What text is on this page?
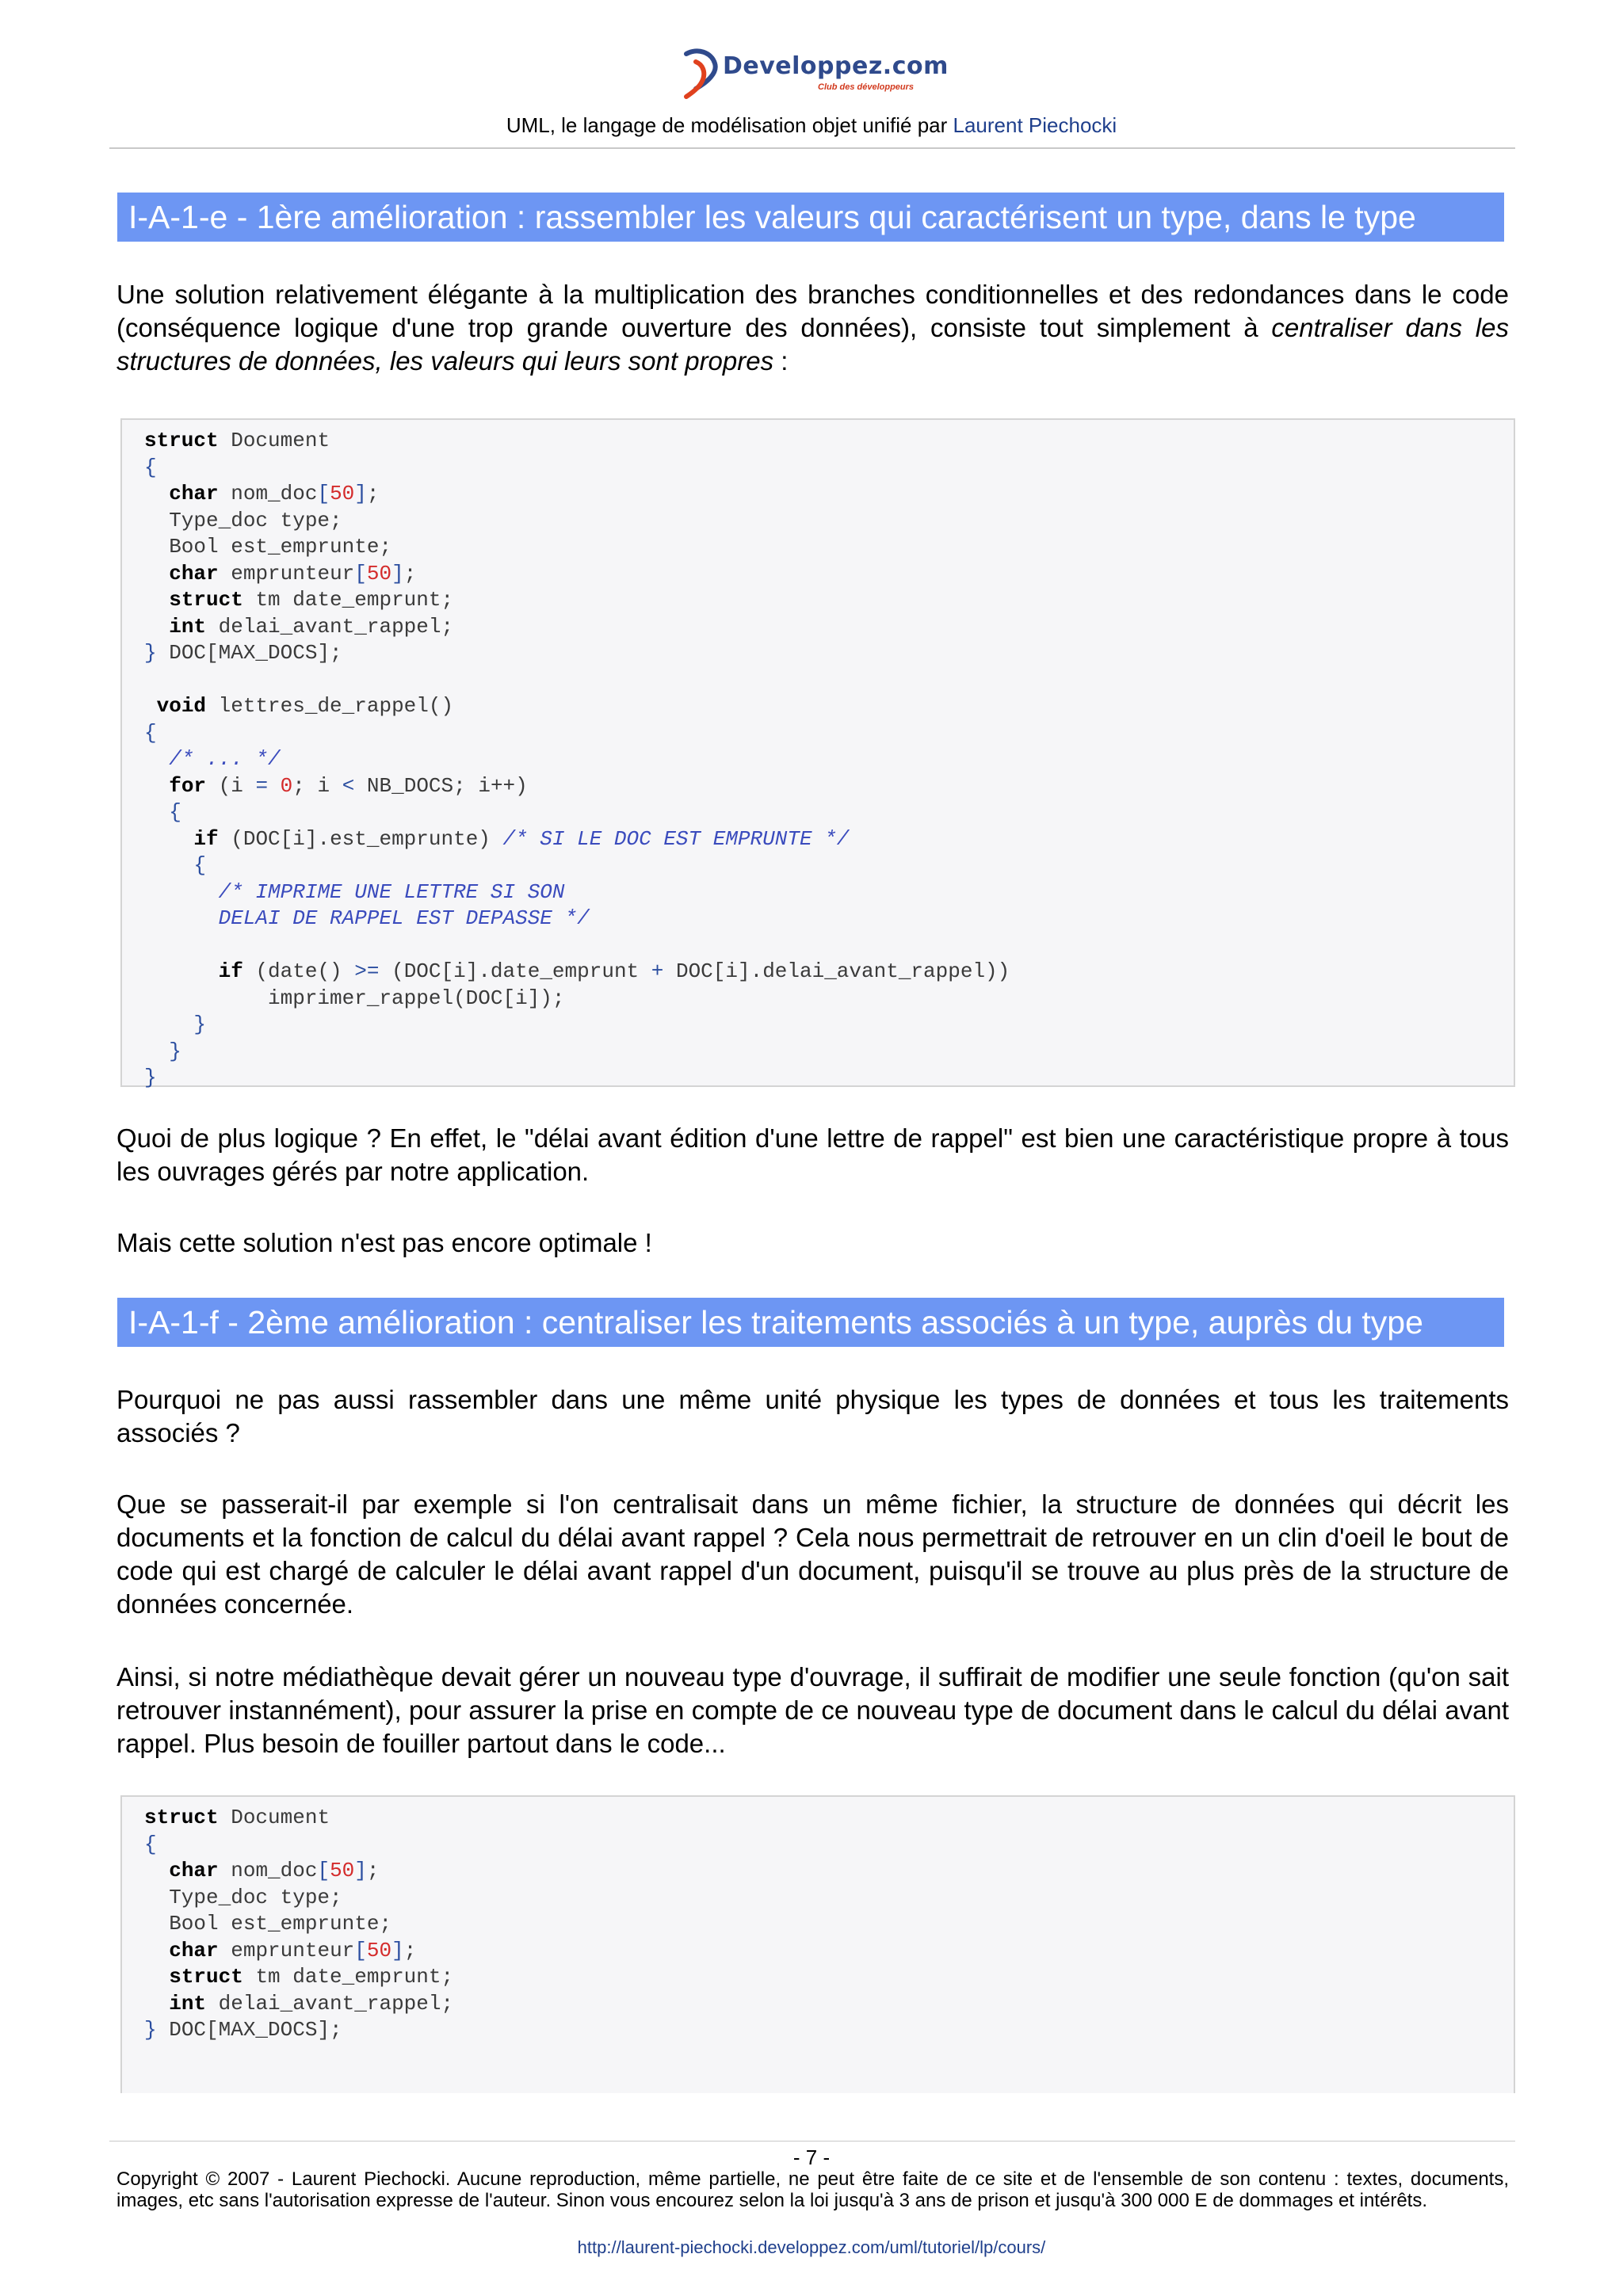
Developpez.com
Club des développeurs
UML, le langage de modélisation objet unifié par Laurent Piechocki
I-A-1-e - 1ère amélioration : rassembler les valeurs qui caractérisent un type, dans le type

Une solution relativement élégante à la multiplication des branches conditionnelles et des redondances dans le code (conséquence logique d'une trop grande ouverture des données), consiste tout simplement à centraliser dans les structures de données, les valeurs qui leurs sont propres :

struct Document
{
char nom_doc[50];
Type_doc type;
Bool est_emprunte;
char emprunteur[50];
struct tm date_emprunt;
int delai_avant_rappel;
} DOC[MAX_DOCS];

void lettres_de_rappel()
{
/* ... */
for (i = 0; i < NB_DOCS; i++)
{
if (DOC[i].est_emprunte) /* SI LE DOC EST EMPRUNTE */
{
/* IMPRIME UNE LETTRE SI SON
DELAI DE RAPPEL EST DEPASSE */

if (date() >= (DOC[i].date_emprunt + DOC[i].delai_avant_rappel))
imprimer_rappel(DOC[i]);
}
}
}

Quoi de plus logique ? En effet, le "délai avant édition d'une lettre de rappel" est bien une caractéristique propre à tous les ouvrages gérés par notre application.

Mais cette solution n'est pas encore optimale !

I-A-1-f - 2ème amélioration : centraliser les traitements associés à un type, auprès du type

Pourquoi ne pas aussi rassembler dans une même unité physique les types de données et tous les traitements associés ?

Que se passerait-il par exemple si l'on centralisait dans un même fichier, la structure de données qui décrit les documents et la fonction de calcul du délai avant rappel ? Cela nous permettrait de retrouver en un clin d'oeil le bout de code qui est chargé de calculer le délai avant rappel d'un document, puisqu'il se trouve au plus près de la structure de données concernée.

Ainsi, si notre médiathèque devait gérer un nouveau type d'ouvrage, il suffirait de modifier une seule fonction (qu'on sait retrouver instannément), pour assurer la prise en compte de ce nouveau type de document dans le calcul du délai avant rappel. Plus besoin de fouiller partout dans le code...

struct Document
{
char nom_doc[50];
Type_doc type;
Bool est_emprunte;
char emprunteur[50];
struct tm date_emprunt;
int delai_avant_rappel;
} DOC[MAX_DOCS];

- 7 -

Copyright © 2007 - Laurent Piechocki. Aucune reproduction, même partielle, ne peut être faite de ce site et de l'ensemble de son contenu : textes, documents, images, etc sans l'autorisation expresse de l'auteur. Sinon vous encourez selon la loi jusqu'à 3 ans de prison et jusqu'à 300 000 E de dommages et intérêts.

http://laurent-piechocki.developpez.com/uml/tutoriel/lp/cours/
